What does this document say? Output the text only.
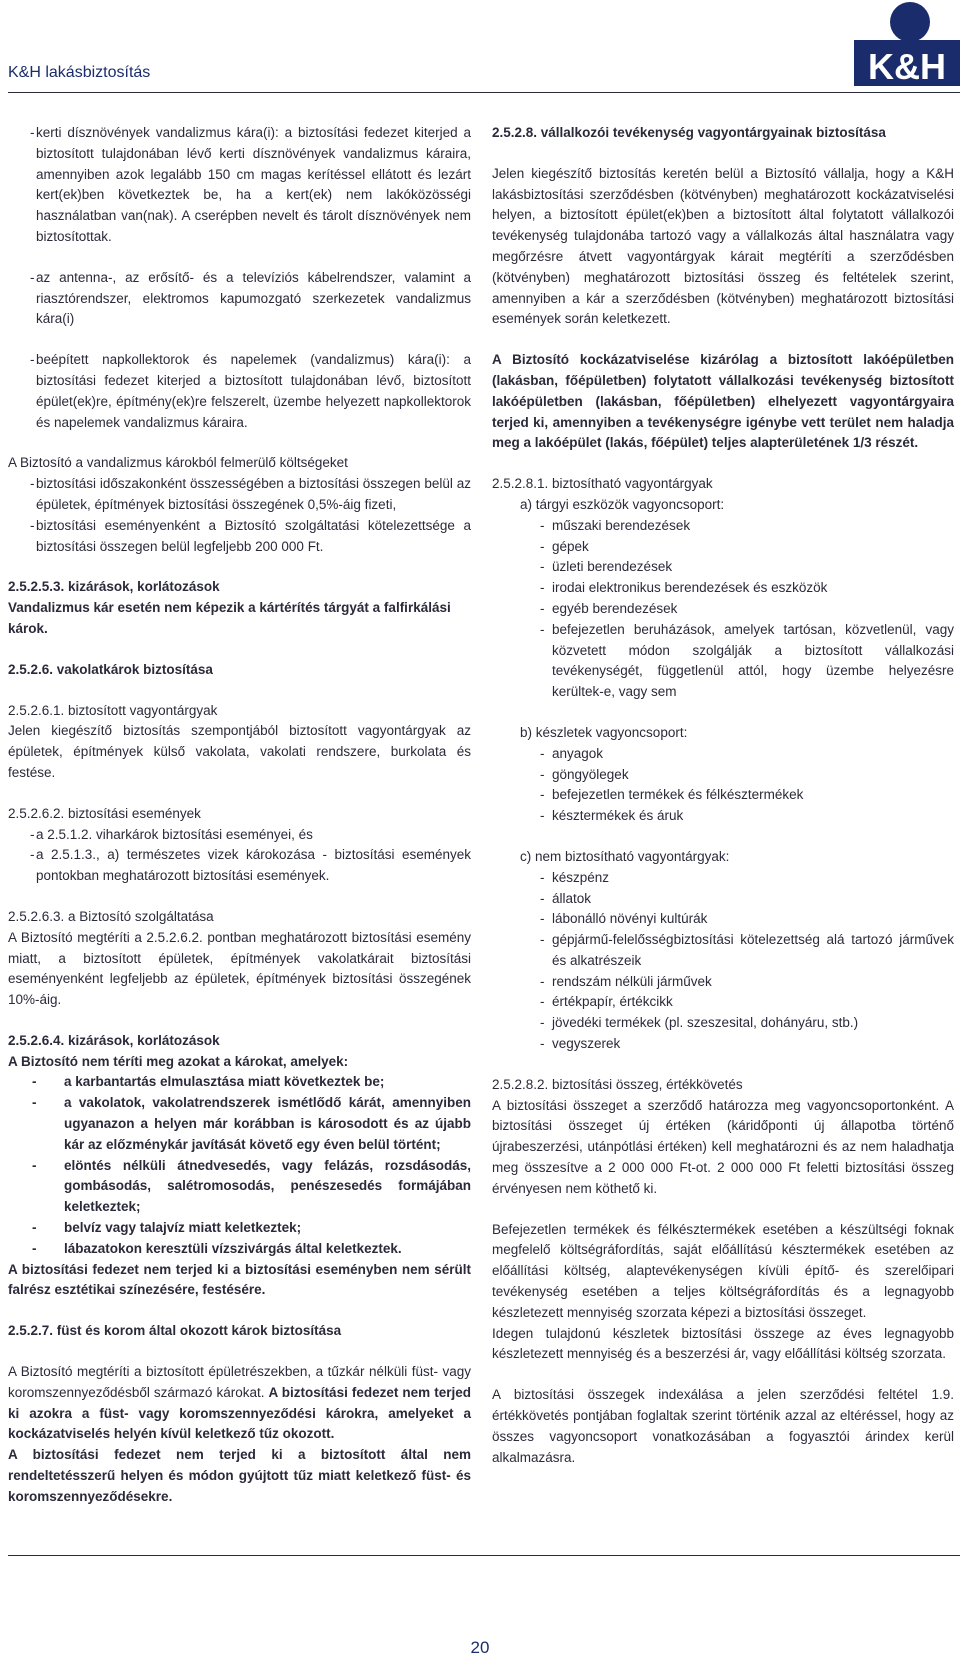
K&H lakásbiztosítás	K&H

- kerti dísznövények vandalizmus kára(i): a biztosítási fedezet kiterjed a biztosított tulajdonában lévő kerti dísznövények vandalizmus káraira, amennyiben azok legalább 150 cm magas kerítéssel ellátott és lezárt kert(ek)ben következtek be, ha a kert(ek) nem lakóközösségi használatban van(nak). A cserépben nevelt és tárolt dísznövények nem biztosítottak.

- az antenna-, az erősítő- és a televíziós kábelrendszer, valamint a riasztórendszer, elektromos kapumozgató szerkezetek vandalizmus kára(i)

- beépített napkollektorok és napelemek (vandalizmus) kára(i): a biztosítási fedezet kiterjed a biztosított tulajdonában lévő, biztosított épület(ek)re, építmény(ek)re felszerelt, üzembe helyezett napkollektorok és napelemek vandalizmus káraira.

A Biztosító a vandalizmus károkból felmerülő költségeket

- biztosítási időszakonként összességében a biztosítási összegen belül az épületek, építmények biztosítási összegének 0,5%-áig fizeti,

- biztosítási eseményenként a Biztosító szolgáltatási kötelezettsége a biztosítási összegen belül legfeljebb 200 000 Ft.

2.5.2.5.3. kizárások, korlátozások

Vandalizmus kár esetén nem képezik a kártérítés tárgyát a falfirkálási károk.

2.5.2.6. vakolatkárok biztosítása

2.5.2.6.1. biztosított vagyontárgyak

Jelen kiegészítő biztosítás szempontjából biztosított vagyontárgyak az épületek, építmények külső vakolata, vakolati rendszere, burkolata és festése.

2.5.2.6.2. biztosítási események

- a 2.5.1.2. viharkárok biztosítási eseményei, és

- a 2.5.1.3., a) természetes vizek károkozása - biztosítási események pontokban meghatározott biztosítási események.

2.5.2.6.3. a Biztosító szolgáltatása

A Biztosító megtéríti a 2.5.2.6.2. pontban meghatározott biztosítási esemény miatt, a biztosított épületek, építmények vakolatkárait biztosítási eseményenként legfeljebb az épületek, építmények biztosítási összegének 10%-áig.

2.5.2.6.4. kizárások, korlátozások

A Biztosító nem téríti meg azokat a károkat, amelyek:

- a karbantartás elmulasztása miatt következtek be;

- a vakolatok, vakolatrendszerek ismétlődő kárát, amennyiben ugyanazon a helyen már korábban is károsodott és az újabb kár az előzménykár javítását követő egy éven belül történt;

- elöntés nélküli átnedvesedés, vagy felázás, rozsdásodás, gombásodás, salétromosodás, penészesedés formájában keletkeztek;

- belvíz vagy talajvíz miatt keletkeztek;

- lábazatokon keresztüli vízszivárgás által keletkeztek.

A biztosítási fedezet nem terjed ki a biztosítási eseményben nem sérült falrész esztétikai színezésére, festésére.

2.5.2.7. füst és korom által okozott károk biztosítása

A Biztosító megtéríti a biztosított épületrészekben, a tűzkár nélküli füst- vagy koromszennyeződésből származó károkat. A biztosítási fedezet nem terjed ki azokra a füst- vagy koromszennyeződési károkra, amelyeket a kockázatviselés helyén kívül keletkező tűz okozott.

A biztosítási fedezet nem terjed ki a biztosított által nem rendeltetésszerű helyen és módon gyújtott tűz miatt keletkező füst- és koromszennyeződésekre.

2.5.2.8. vállalkozói tevékenység vagyontárgyainak biztosítása

Jelen kiegészítő biztosítás keretén belül a Biztosító vállalja, hogy a K&H lakásbiztosítási szerződésben (kötvényben) meghatározott kockázatviselési helyen, a biztosított épület(ek)ben a biztosított által folytatott vállalkozói tevékenység tulajdonába tartozó vagy a vállalkozás által használatra vagy megőrzésre átvett vagyontárgyak kárait megtéríti a szerződésben (kötvényben) meghatározott biztosítási összeg és feltételek szerint, amennyiben a kár a szerződésben (kötvényben) meghatározott biztosítási események során keletkezett.

A Biztosító kockázatviselése kizárólag a biztosított lakóépületben (lakásban, főépületben) folytatott vállalkozási tevékenység biztosított lakóépületben (lakásban, főépületben) elhelyezett vagyontárgyaira terjed ki, amennyiben a tevékenységre igénybe vett terület nem haladja meg a lakóépület (lakás, főépület) teljes alapterületének 1/3 részét.

2.5.2.8.1. biztosítható vagyontárgyak

a) tárgyi eszközök vagyoncsoport:

- műszaki berendezések

- gépek

- üzleti berendezések

- irodai elektronikus berendezések és eszközök

- egyéb berendezések

- befejezetlen beruházások, amelyek tartósan, közvetlenül, vagy közvetett módon szolgálják a biztosított vállalkozási tevékenységét, függetlenül attól, hogy üzembe helyezésre kerültek-e, vagy sem

b) készletek vagyoncsoport:

- anyagok

- göngyölegek

- befejezetlen termékek és félkésztermékek

- késztermékek és áruk

c) nem biztosítható vagyontárgyak:

- készpénz

- állatok

- lábonálló növényi kultúrák

- gépjármű-felelősségbiztosítási kötelezettség alá tartozó járművek és alkatrészeik

- rendszám nélküli járművek

- értékpapír, értékcikk

- jövedéki termékek (pl. szeszesital, dohányáru, stb.)

- vegyszerek

2.5.2.8.2. biztosítási összeg, értékkövetés

A biztosítási összeget a szerződő határozza meg vagyoncsoportonként. A biztosítási összeget új értéken (káridőponti új állapotba történő újrabeszerzési, utánpótlási értéken) kell meghatározni és az nem haladhatja meg összesítve a 2 000 000 Ft-ot. 2 000 000 Ft feletti biztosítási összeg érvényesen nem köthető ki.

Befejezetlen termékek és félkésztermékek esetében a készültségi foknak megfelelő költségráfordítás, saját előállítású késztermékek esetében az előállítási költség, alaptevékenységen kívüli építő- és szerelőipari tevékenység esetében a teljes költségráfordítás és a legnagyobb készletezett mennyiség szorzata képezi a biztosítási összeget.

Idegen tulajdonú készletek biztosítási összege az éves legnagyobb készletezett mennyiség és a beszerzési ár, vagy előállítási költség szorzata.

A biztosítási összegek indexálása a jelen szerződési feltétel 1.9. értékkövetés pontjában foglaltak szerint történik azzal az eltéréssel, hogy az összes vagyoncsoport vonatkozásában a fogyasztói árindex kerül alkalmazásra.

20
